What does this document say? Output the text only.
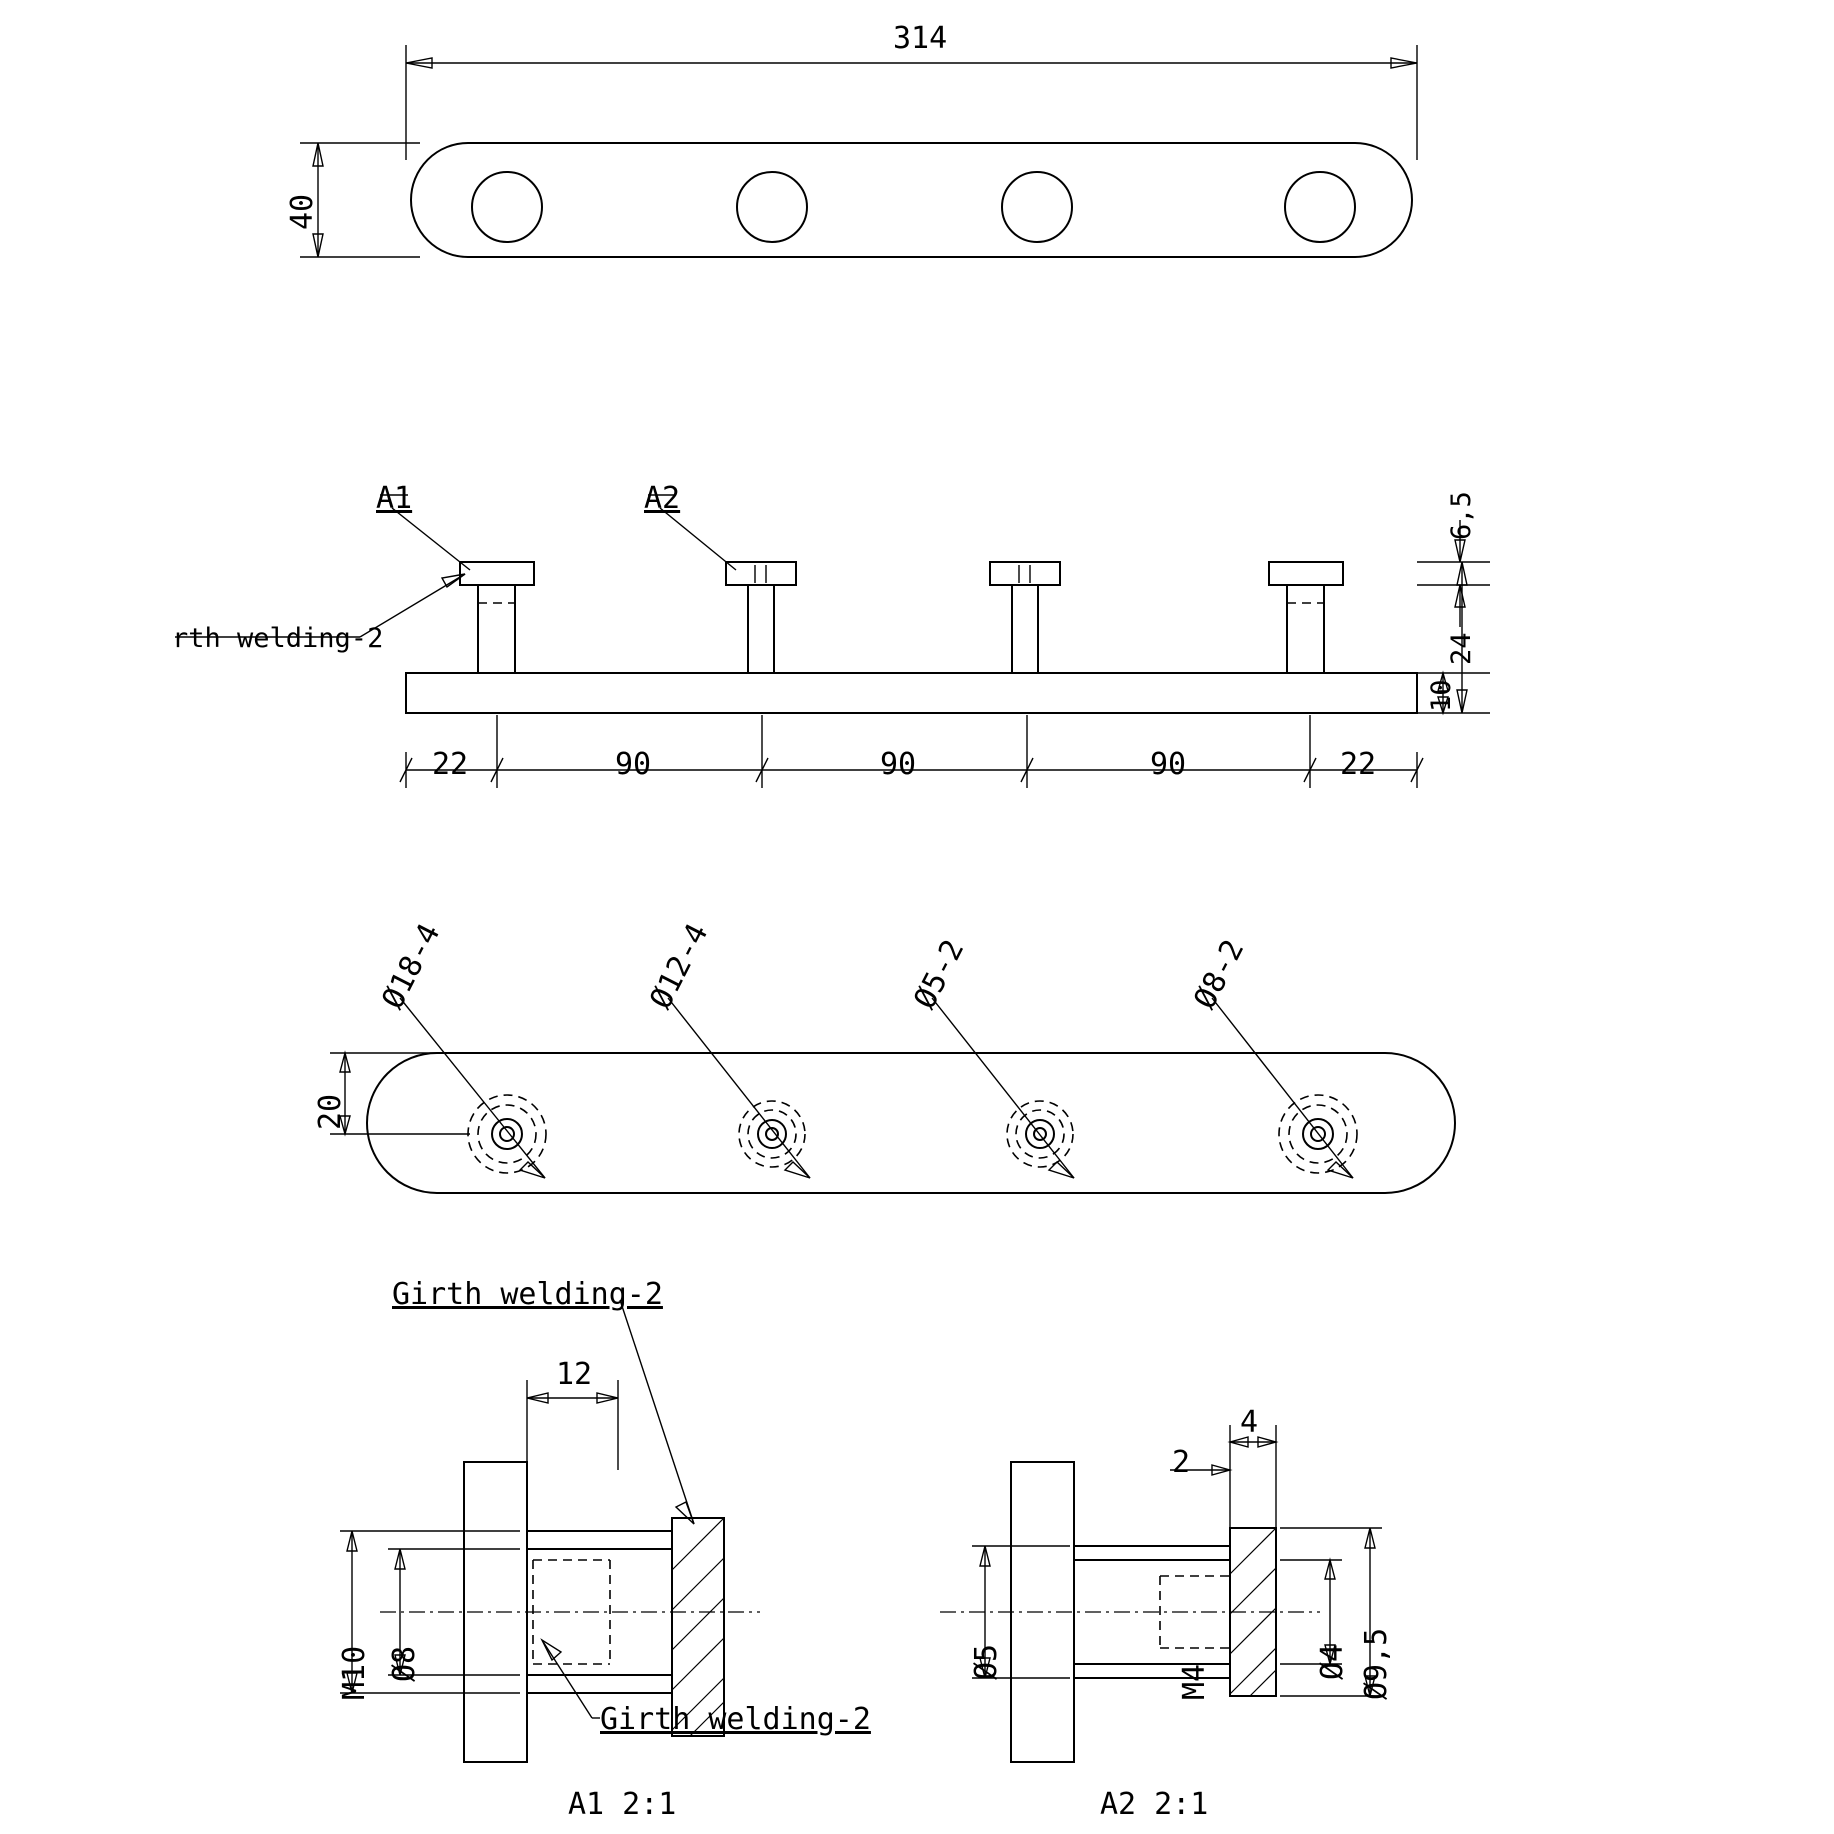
314
40
A1	A2
rth welding-2
6,5
24
10
22	90	90	90	22
20
Ø18-4	Ø12-4	Ø5-2	Ø8-2
Girth welding-2
12
M10 Ø8
Girth welding-2
A1 2:1
2
4
Ø5
M4
Ø4 Ø9,5
A2 2:1
